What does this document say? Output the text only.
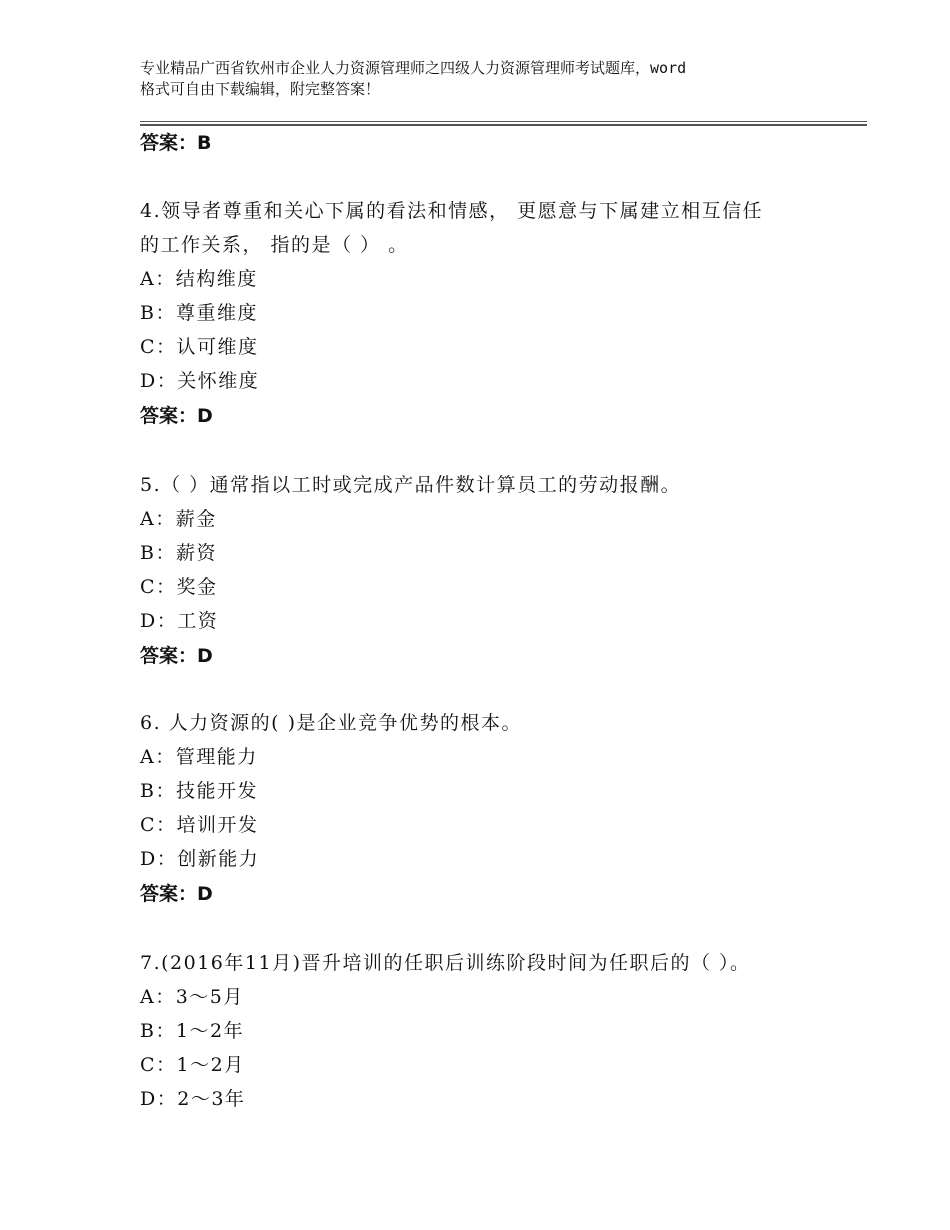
专业精品广西省钦州市企业人力资源管理师之四级人力资源管理师考试题库，word
格式可自由下载编辑，附完整答案！
答案：B
4.领导者尊重和关心下属的看法和情感， 更愿意与下属建立相互信任
的工作关系， 指的是（ ） 。
A：结构维度
B：尊重维度
C：认可维度
D：关怀维度
答案：D
5.（ ）通常指以工时或完成产品件数计算员工的劳动报酬。
A：薪金
B：薪资
C：奖金
D：工资
答案：D
6. 人力资源的( )是企业竞争优势的根本。
A：管理能力
B：技能开发
C：培训开发
D：创新能力
答案：D
7.(2016年11月)晋升培训的任职后训练阶段时间为任职后的（ ）。
A：3～5月
B：1～2年
C：1～2月
D：2～3年
